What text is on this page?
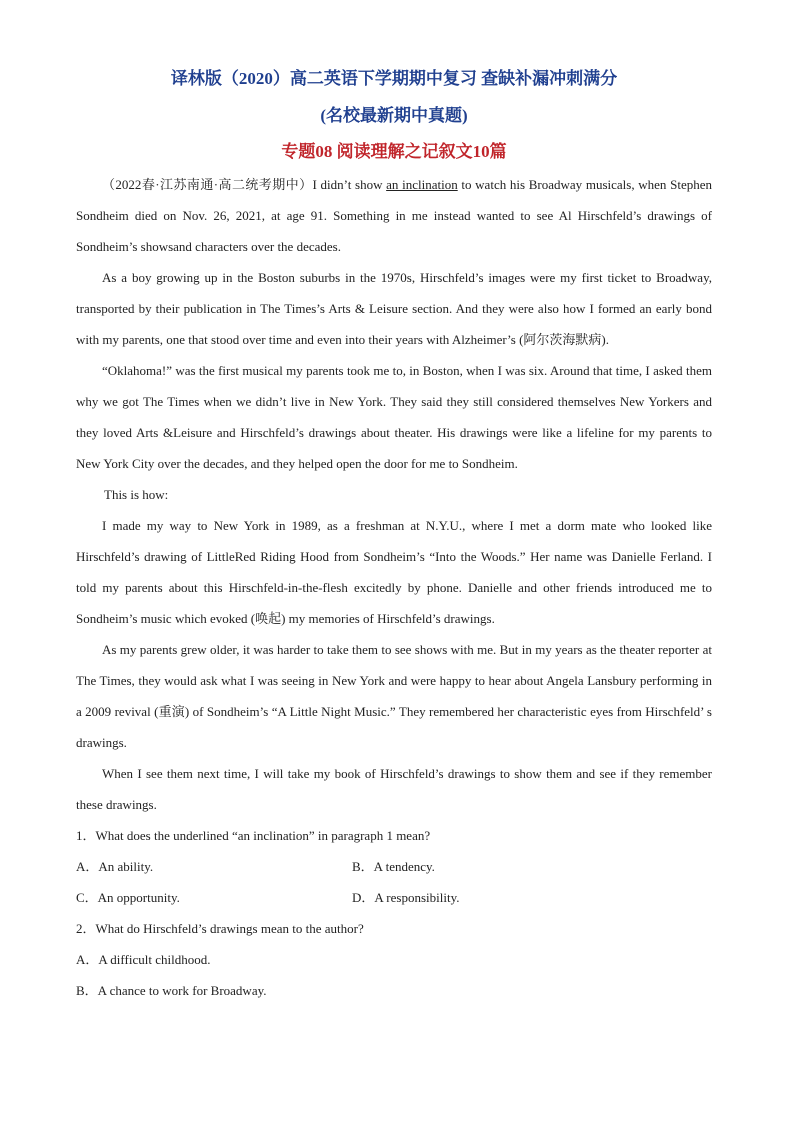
译林版（2020）高二英语下学期期中复习 查缺补漏冲刺满分
(名校最新期中真题)
专题08 阅读理解之记叙文10篇

（2022春·江苏南通·高二统考期中）I didn’t show an inclination to watch his Broadway musicals, when Stephen Sondheim died on Nov. 26, 2021, at age 91. Something in me instead wanted to see Al Hirschfeld’s drawings of Sondheim’s showsand characters over the decades.

As a boy growing up in the Boston suburbs in the 1970s, Hirschfeld’s images were my first ticket to Broadway, transported by their publication in The Times’s Arts & Leisure section. And they were also how I formed an early bond with my parents, one that stood over time and even into their years with Alzheimer’s (阿尔茨海默病).

“Oklahoma!” was the first musical my parents took me to, in Boston, when I was six. Around that time, I asked them why we got The Times when we didn’t live in New York. They said they still considered themselves New Yorkers and they loved Arts &Leisure and Hirschfeld’s drawings about theater. His drawings were like a lifeline for my parents to New York City over the decades, and they helped open the door for me to Sondheim.

This is how:

I made my way to New York in 1989, as a freshman at N.Y.U., where I met a dorm mate who looked like Hirschfeld’s drawing of LittleRed Riding Hood from Sondheim’s “Into the Woods.” Her name was Danielle Ferland. I told my parents about this Hirschfeld-in-the-flesh excitedly by phone. Danielle and other friends introduced me to Sondheim’s music which evoked (唤起) my memories of Hirschfeld’s drawings.

As my parents grew older, it was harder to take them to see shows with me. But in my years as the theater reporter at The Times, they would ask what I was seeing in New York and were happy to hear about Angela Lansbury performing in a 2009 revival (重演) of Sondheim’s “A Little Night Music.” They remembered her characteristic eyes from Hirschfeld’ s drawings.

When I see them next time, I will take my book of Hirschfeld’s drawings to show them and see if they remember these drawings.

1．What does the underlined “an inclination” in paragraph 1 mean?
A．An ability.	B．A tendency.
C．An opportunity.	D．A responsibility.
2．What do Hirschfeld’s drawings mean to the author?
A．A difficult childhood.
B．A chance to work for Broadway.
